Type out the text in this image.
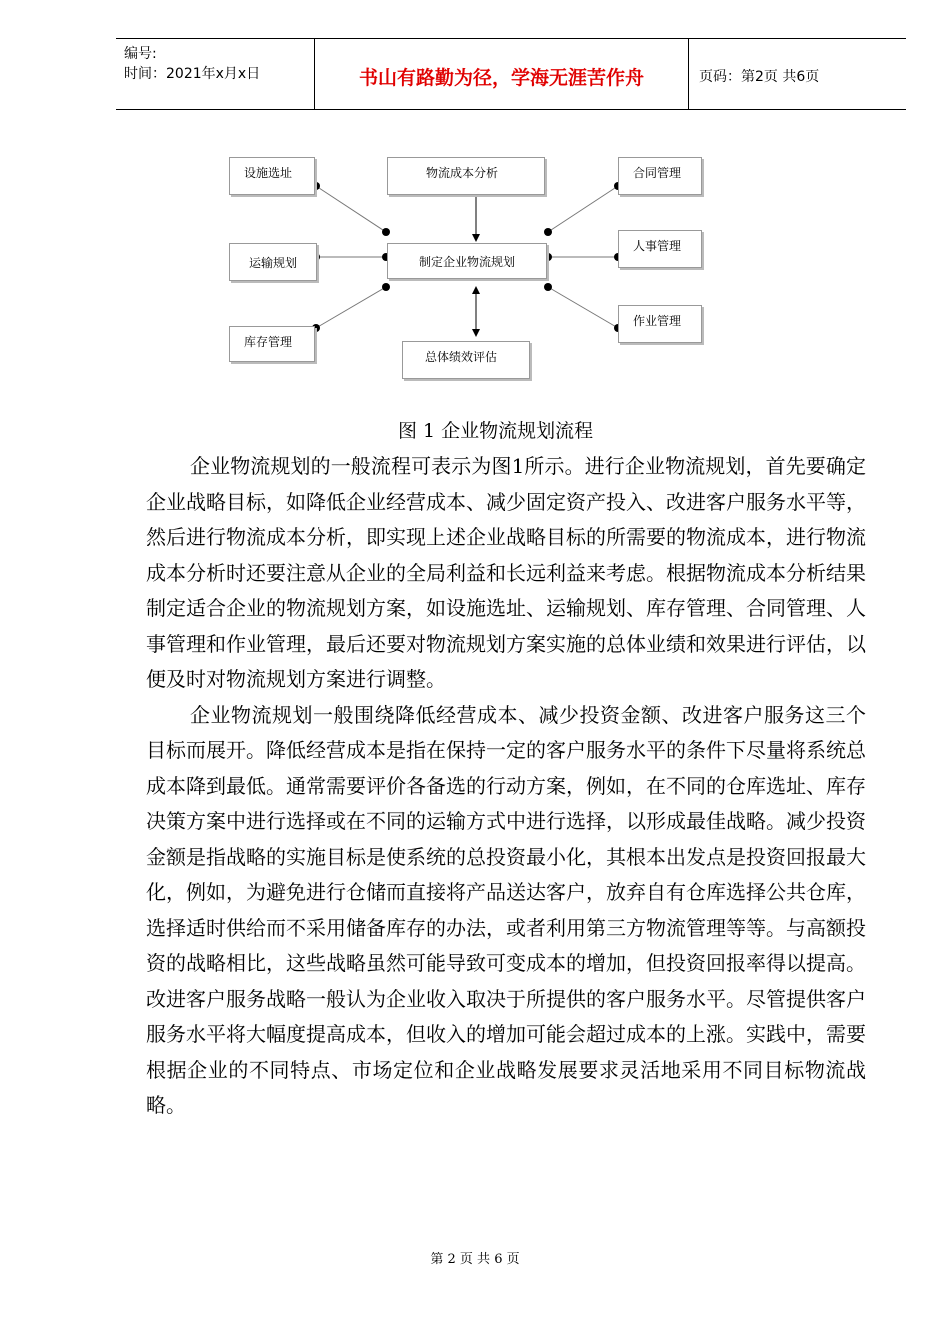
编号:
时间：2021年x月x日	书山有路勤为径，学海无涯苦作舟	页码：第2页 共6页
设施选址	物流成本分析	合同管理
运输规划	制定企业物流规划
人事管理
库存管理
总体绩效评估
作业管理
图 1 企业物流规划流程

企业物流规划的一般流程可表示为图1所示。进行企业物流规划，首先要确定企业战略目标，如降低企业经营成本、减少固定资产投入、改进客户服务水平等，然后进行物流成本分析，即实现上述企业战略目标的所需要的物流成本，进行物流成本分析时还要注意从企业的全局利益和长远利益来考虑。根据物流成本分析结果制定适合企业的物流规划方案，如设施选址、运输规划、库存管理、合同管理、人事管理和作业管理，最后还要对物流规划方案实施的总体业绩和效果进行评估，以便及时对物流规划方案进行调整。

企业物流规划一般围绕降低经营成本、减少投资金额、改进客户服务这三个目标而展开。降低经营成本是指在保持一定的客户服务水平的条件下尽量将系统总成本降到最低。通常需要评价各备选的行动方案，例如，在不同的仓库选址、库存决策方案中进行选择或在不同的运输方式中进行选择，以形成最佳战略。减少投资金额是指战略的实施目标是使系统的总投资最小化，其根本出发点是投资回报最大化，例如，为避免进行仓储而直接将产品送达客户，放弃自有仓库选择公共仓库，选择适时供给而不采用储备库存的办法，或者利用第三方物流管理等等。与高额投资的战略相比，这些战略虽然可能导致可变成本的增加，但投资回报率得以提高。改进客户服务战略一般认为企业收入取决于所提供的客户服务水平。尽管提供客户服务水平将大幅度提高成本，但收入的增加可能会超过成本的上涨。实践中，需要根据企业的不同特点、市场定位和企业战略发展要求灵活地采用不同目标物流战略。

第 2 页 共 6 页
